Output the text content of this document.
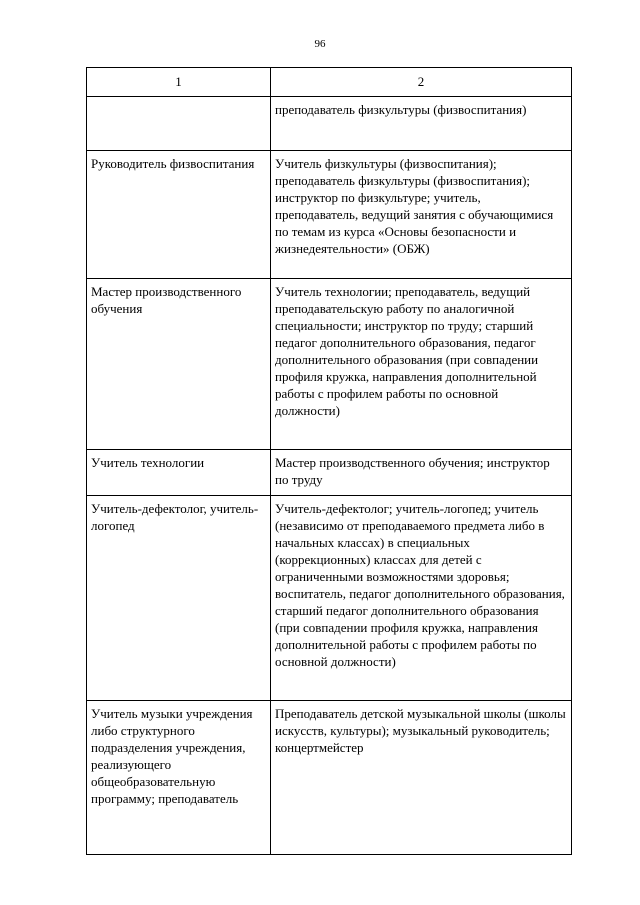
96
1	2
	преподаватель физкультуры (физвоспитания)
Руководитель физвоспитания	Учитель физкультуры (физвоспитания); преподаватель физкультуры (физвоспитания); инструктор по физкультуре; учитель, преподаватель, ведущий занятия с обучающимися по темам из курса «Основы безопасности и жизнедеятельности» (ОБЖ)
Мастер производственного обучения	Учитель технологии; преподаватель, ведущий преподавательскую работу по аналогичной специальности; инструктор по труду; старший педагог дополнительного образования, педагог дополнительного образования (при совпадении профиля кружка, направления дополнительной работы с профилем работы по основной должности)
Учитель технологии	Мастер производственного обучения; инструктор по труду
Учитель-дефектолог, учитель-логопед	Учитель-дефектолог; учитель-логопед; учитель (независимо от преподаваемого предмета либо в начальных классах) в специальных (коррекционных) классах для детей с ограниченными возможностями здоровья; воспитатель, педагог дополнительного образования, старший педагог дополнительного образования (при совпадении профиля кружка, направления дополнительной работы с профилем работы по основной должности)
Учитель музыки учреждения либо структурного подразделения учреждения, реализующего общеобразовательную программу; преподаватель	Преподаватель детской музыкальной школы (школы искусств, культуры); музыкальный руководитель; концертмейстер
